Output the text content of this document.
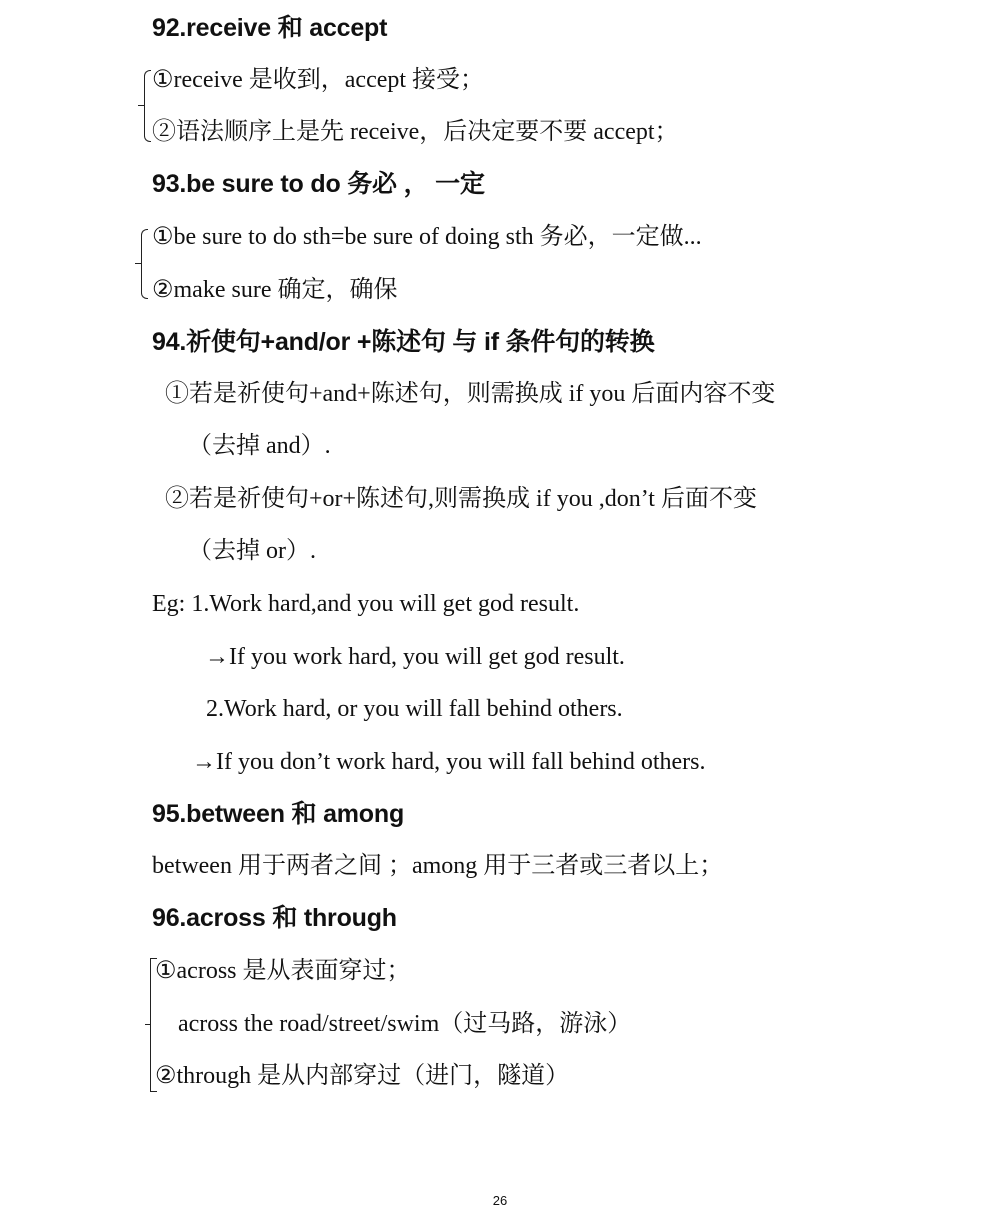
92.receive 和 accept
①receive 是收到，accept 接受；
②语法顺序上是先 receive，后决定要不要 accept；
93.be sure to do 务必 ， 一定
①be sure to do sth=be sure of doing sth 务必，一定做...
②make sure 确定，确保
94.祈使句+and/or +陈述句 与 if 条件句的转换
①若是祈使句+and+陈述句，则需换成 if you 后面内容不变
（去掉 and）.
②若是祈使句+or+陈述句,则需换成 if you ,don’t 后面不变
（去掉 or）.
Eg: 1.Work hard,and you will get god result.
→If you work hard, you will get god result.
2.Work hard, or you will fall behind others.
→If you don’t work hard, you will fall behind others.
95.between 和 among
between 用于两者之间 ；among 用于三者或三者以上；
96.across 和 through
①across 是从表面穿过；
across the road/street/swim（过马路，游泳）
②through 是从内部穿过（进门，隧道）
26
